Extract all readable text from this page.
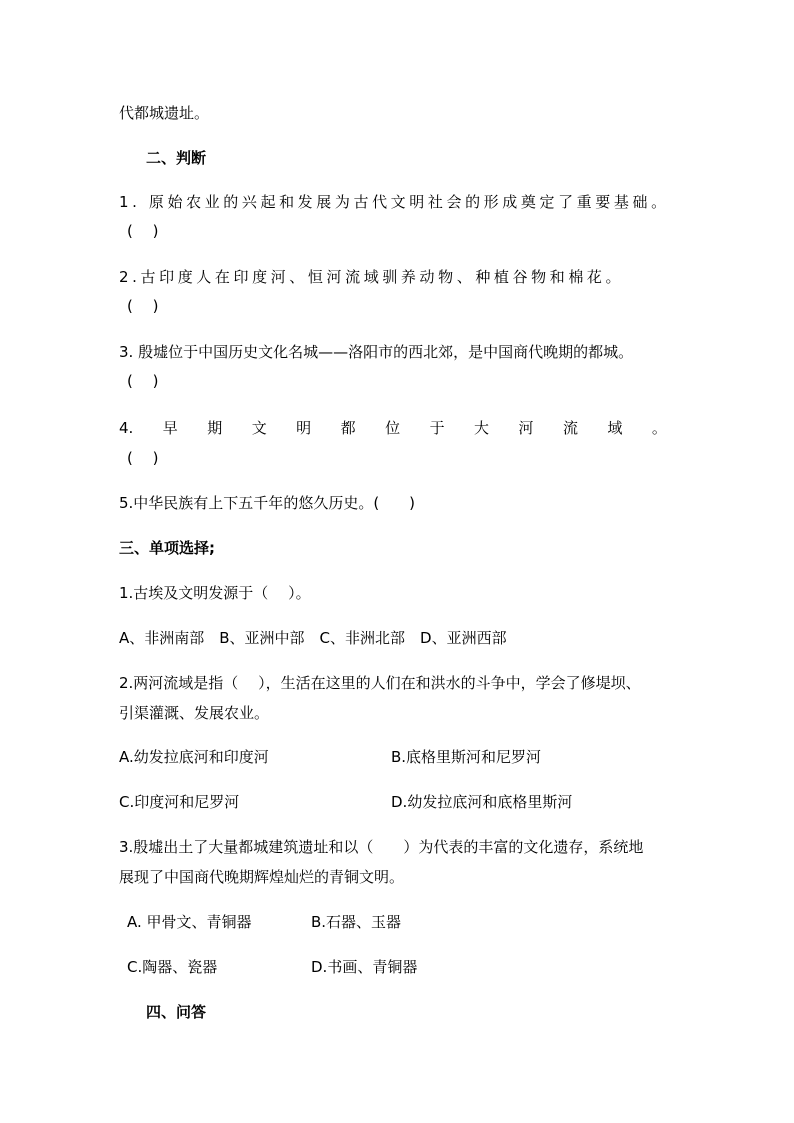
代都城遗址。
二、判断
1. 原始农业的兴起和发展为古代文明社会的形成奠定了重要基础。
(　 )
2.古印度人在印度河、恒河流域驯养动物、种植谷物和棉花。
(　 )
3. 殷墟位于中国历史文化名城——洛阳市的西北郊，是中国商代晚期的都城。
(　 )
4. 早 期 文 明 都 位 于 大 河 流 域 。
(　 )
5.中华民族有上下五千年的悠久历史。(　　)
三、单项选择;
1.古埃及文明发源于（　 ）。
A、非洲南部　B、亚洲中部　C、非洲北部　D、亚洲西部
2.两河流域是指（　 ），生活在这里的人们在和洪水的斗争中，学会了修堤坝、
引渠灌溉、发展农业。
A.幼发拉底河和印度河	B.底格里斯河和尼罗河
C.印度河和尼罗河	D.幼发拉底河和底格里斯河
3.殷墟出土了大量都城建筑遗址和以（　　）为代表的丰富的文化遗存，系统地
展现了中国商代晚期辉煌灿烂的青铜文明。
A. 甲骨文、青铜器	B.石器、玉器
C.陶器、瓷器	D.书画、青铜器
四、问答
